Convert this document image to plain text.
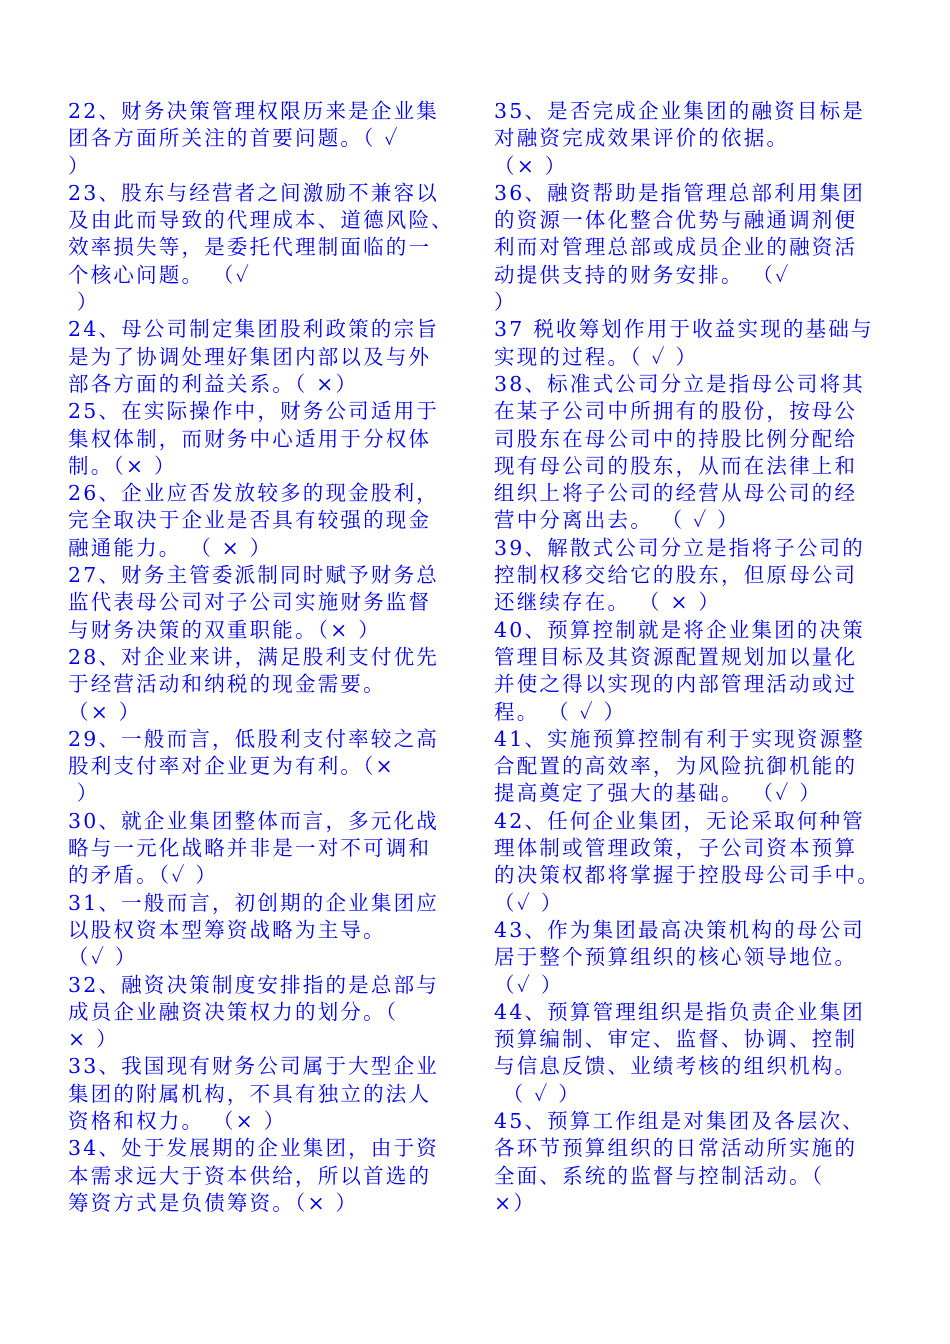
22、财务决策管理权限历来是企业集
团各方面所关注的首要问题。（ ✓
）
23、股东与经营者之间激励不兼容以
及由此而导致的代理成本、道德风险、
效率损失等，是委托代理制面临的一
个核心问题。 （✓
）
24、母公司制定集团股利政策的宗旨
是为了协调处理好集团内部以及与外
部各方面的利益关系。（ ×）
25、在实际操作中，财务公司适用于
集权体制，而财务中心适用于分权体
制。（× ）
26、企业应否发放较多的现金股利，
完全取决于企业是否具有较强的现金
融通能力。 （ × ）
27、财务主管委派制同时赋予财务总
监代表母公司对子公司实施财务监督
与财务决策的双重职能。（× ）
28、对企业来讲，满足股利支付优先
于经营活动和纳税的现金需要。
（× ）
29、一般而言，低股利支付率较之高
股利支付率对企业更为有利。（×
）
30、就企业集团整体而言，多元化战
略与一元化战略并非是一对不可调和
的矛盾。（✓ ）
31、一般而言，初创期的企业集团应
以股权资本型筹资战略为主导。
（✓ ）
32、融资决策制度安排指的是总部与
成员企业融资决策权力的划分。（
× ）
33、我国现有财务公司属于大型企业
集团的附属机构，不具有独立的法人
资格和权力。 （× ）
34、处于发展期的企业集团，由于资
本需求远大于资本供给，所以首选的
筹资方式是负债筹资。（× ）
35、是否完成企业集团的融资目标是
对融资完成效果评价的依据。
（× ）
36、融资帮助是指管理总部利用集团
的资源一体化整合优势与融通调剂便
利而对管理总部或成员企业的融资活
动提供支持的财务安排。 （✓
）
37 税收筹划作用于收益实现的基础与
实现的过程。（ ✓ ）
38、标准式公司分立是指母公司将其
在某子公司中所拥有的股份，按母公
司股东在母公司中的持股比例分配给
现有母公司的股东，从而在法律上和
组织上将子公司的经营从母公司的经
营中分离出去。 （ ✓ ）
39、解散式公司分立是指将子公司的
控制权移交给它的股东，但原母公司
还继续存在。 （ × ）
40、预算控制就是将企业集团的决策
管理目标及其资源配置规划加以量化
并使之得以实现的内部管理活动或过
程。 （ ✓ ）
41、实施预算控制有利于实现资源整
合配置的高效率，为风险抗御机能的
提高奠定了强大的基础。 （✓ ）
42、任何企业集团，无论采取何种管
理体制或管理政策，子公司资本预算
的决策权都将掌握于控股母公司手中。
（✓ ）
43、作为集团最高决策机构的母公司
居于整个预算组织的核心领导地位。
（✓ ）
44、预算管理组织是指负责企业集团
预算编制、审定、监督、协调、控制
与信息反馈、业绩考核的组织机构。
（ ✓ ）
45、预算工作组是对集团及各层次、
各环节预算组织的日常活动所实施的
全面、系统的监督与控制活动。（
×）
